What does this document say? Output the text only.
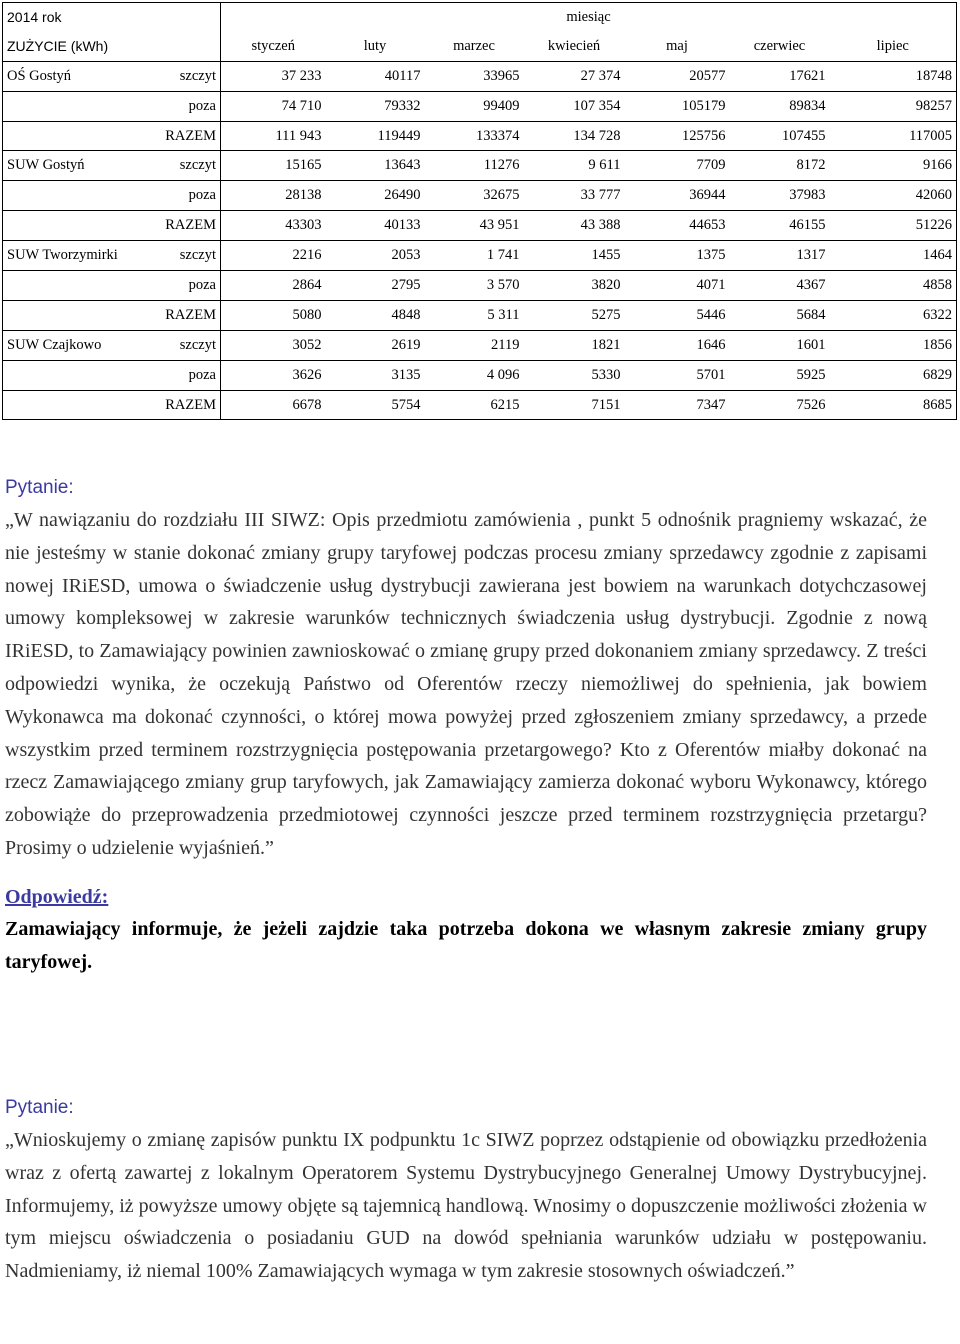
2014 rok		miesiąc						
ZUŻYCIE (kWh)		styczeń	luty	marzec	kwiecień	maj	czerwiec	lipiec
OŚ Gostyń	szczyt	37 233	40117	33965	27 374	20577	17621	18748
	poza	74 710	79332	99409	107 354	105179	89834	98257
	RAZEM	111 943	119449	133374	134 728	125756	107455	117005
SUW Gostyń	szczyt	15165	13643	11276	9 611	7709	8172	9166
	poza	28138	26490	32675	33 777	36944	37983	42060
	RAZEM	43303	40133	43 951	43 388	44653	46155	51226
SUW Tworzymirki	szczyt	2216	2053	1 741	1455	1375	1317	1464
	poza	2864	2795	3 570	3820	4071	4367	4858
	RAZEM	5080	4848	5 311	5275	5446	5684	6322
SUW Czajkowo	szczyt	3052	2619	2119	1821	1646	1601	1856
	poza	3626	3135	4 096	5330	5701	5925	6829
	RAZEM	6678	5754	6215	7151	7347	7526	8685
Pytanie:
„W nawiązaniu do rozdziału III SIWZ: Opis przedmiotu zamówienia , punkt 5 odnośnik pragniemy wskazać, że nie jesteśmy w stanie dokonać zmiany grupy taryfowej podczas procesu zmiany sprzedawcy zgodnie z zapisami nowej IRiESD, umowa o świadczenie usług dystrybucji zawierana jest bowiem na warunkach dotychczasowej umowy kompleksowej w zakresie warunków technicznych świadczenia usług dystrybucji. Zgodnie z nową IRiESD, to Zamawiający powinien zawnioskować o zmianę grupy przed dokonaniem zmiany sprzedawcy. Z treści odpowiedzi wynika, że oczekują Państwo od Oferentów rzeczy niemożliwej do spełnienia, jak bowiem Wykonawca ma dokonać czynności, o której mowa powyżej przed zgłoszeniem zmiany sprzedawcy, a przede wszystkim przed terminem rozstrzygnięcia postępowania przetargowego? Kto z Oferentów miałby dokonać na rzecz Zamawiającego zmiany grup taryfowych, jak Zamawiający zamierza dokonać wyboru Wykonawcy, którego zobowiąże do przeprowadzenia przedmiotowej czynności jeszcze przed terminem rozstrzygnięcia przetargu? Prosimy o udzielenie wyjaśnień.”
Odpowiedź:
Zamawiający informuje, że jeżeli zajdzie taka potrzeba dokona we własnym zakresie zmiany grupy taryfowej.
Pytanie:
„Wnioskujemy o zmianę zapisów punktu IX podpunktu 1c SIWZ poprzez odstąpienie od obowiązku przedłożenia wraz z ofertą zawartej z lokalnym Operatorem Systemu Dystrybucyjnego Generalnej Umowy Dystrybucyjnej. Informujemy, iż powyższe umowy objęte są tajemnicą handlową. Wnosimy o dopuszczenie możliwości złożenia w tym miejscu oświadczenia o posiadaniu GUD na dowód spełniania warunków udziału w postępowaniu. Nadmieniamy, iż niemal 100% Zamawiających wymaga w tym zakresie stosownych oświadczeń.”
